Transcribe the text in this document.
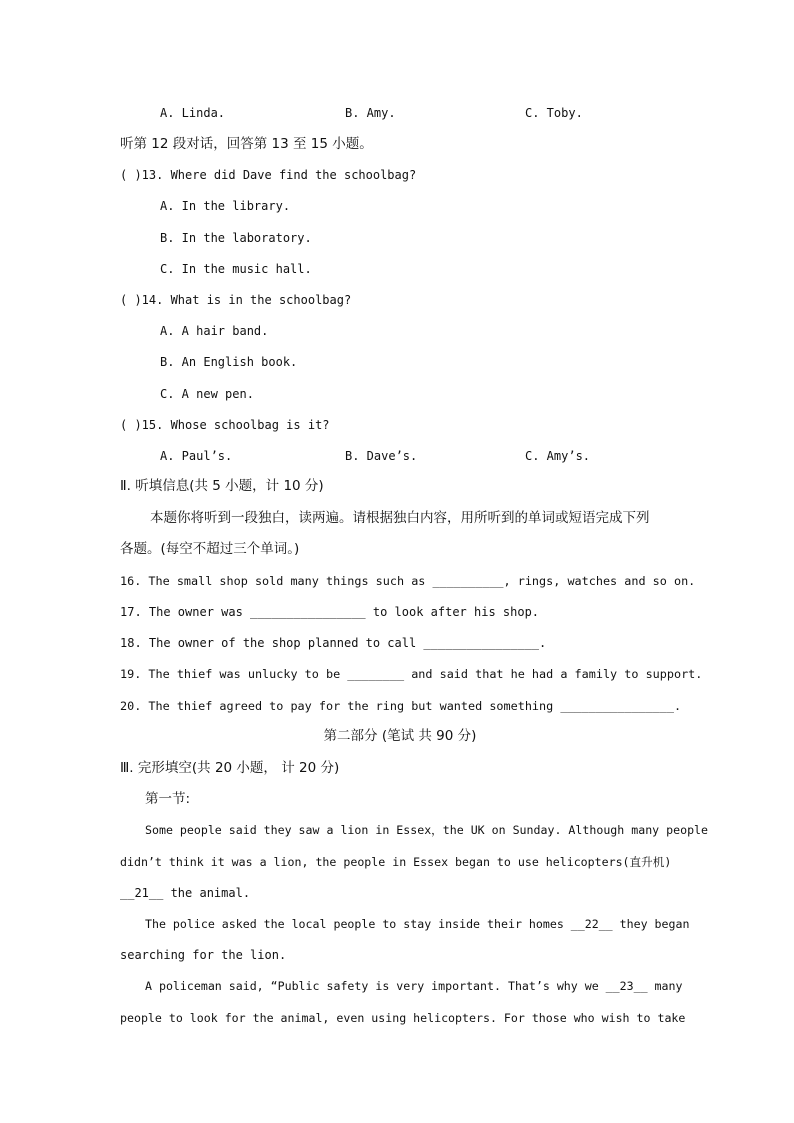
A. Linda.	B. Amy.	C. Toby.
听第 12 段对话，回答第 13 至 15 小题。
( )13. Where did Dave find the schoolbag?
A. In the library.
B. In the laboratory.
C. In the music hall.
( )14. What is in the schoolbag?
A. A hair band.
B. An English book.
C. A new pen.
( )15. Whose schoolbag is it?
A. Paul’s.	B. Dave’s.	C. Amy’s.
Ⅱ. 听填信息(共 5 小题，计 10 分)
本题你将听到一段独白，读两遍。请根据独白内容，用所听到的单词或短语完成下列
各题。(每空不超过三个单词。)
16. The small shop sold many things such as __________, rings, watches and so on.
17. The owner was ________________ to look after his shop.
18. The owner of the shop planned to call ________________.
19. The thief was unlucky to be ________ and said that he had a family to support.
20. The thief agreed to pay for the ring but wanted something ________________.
第二部分 (笔试 共 90 分)
Ⅲ. 完形填空(共 20 小题， 计 20 分)
第一节:
Some people said they saw a lion in Essex，the UK on Sunday. Although many people
didn’t think it was a lion, the people in Essex began to use helicopters(直升机)
__21__ the animal.
The police asked the local people to stay inside their homes __22__ they began
searching for the lion.
A policeman said, “Public safety is very important. That’s why we __23__ many
people to look for the animal, even using helicopters. For those who wish to take
